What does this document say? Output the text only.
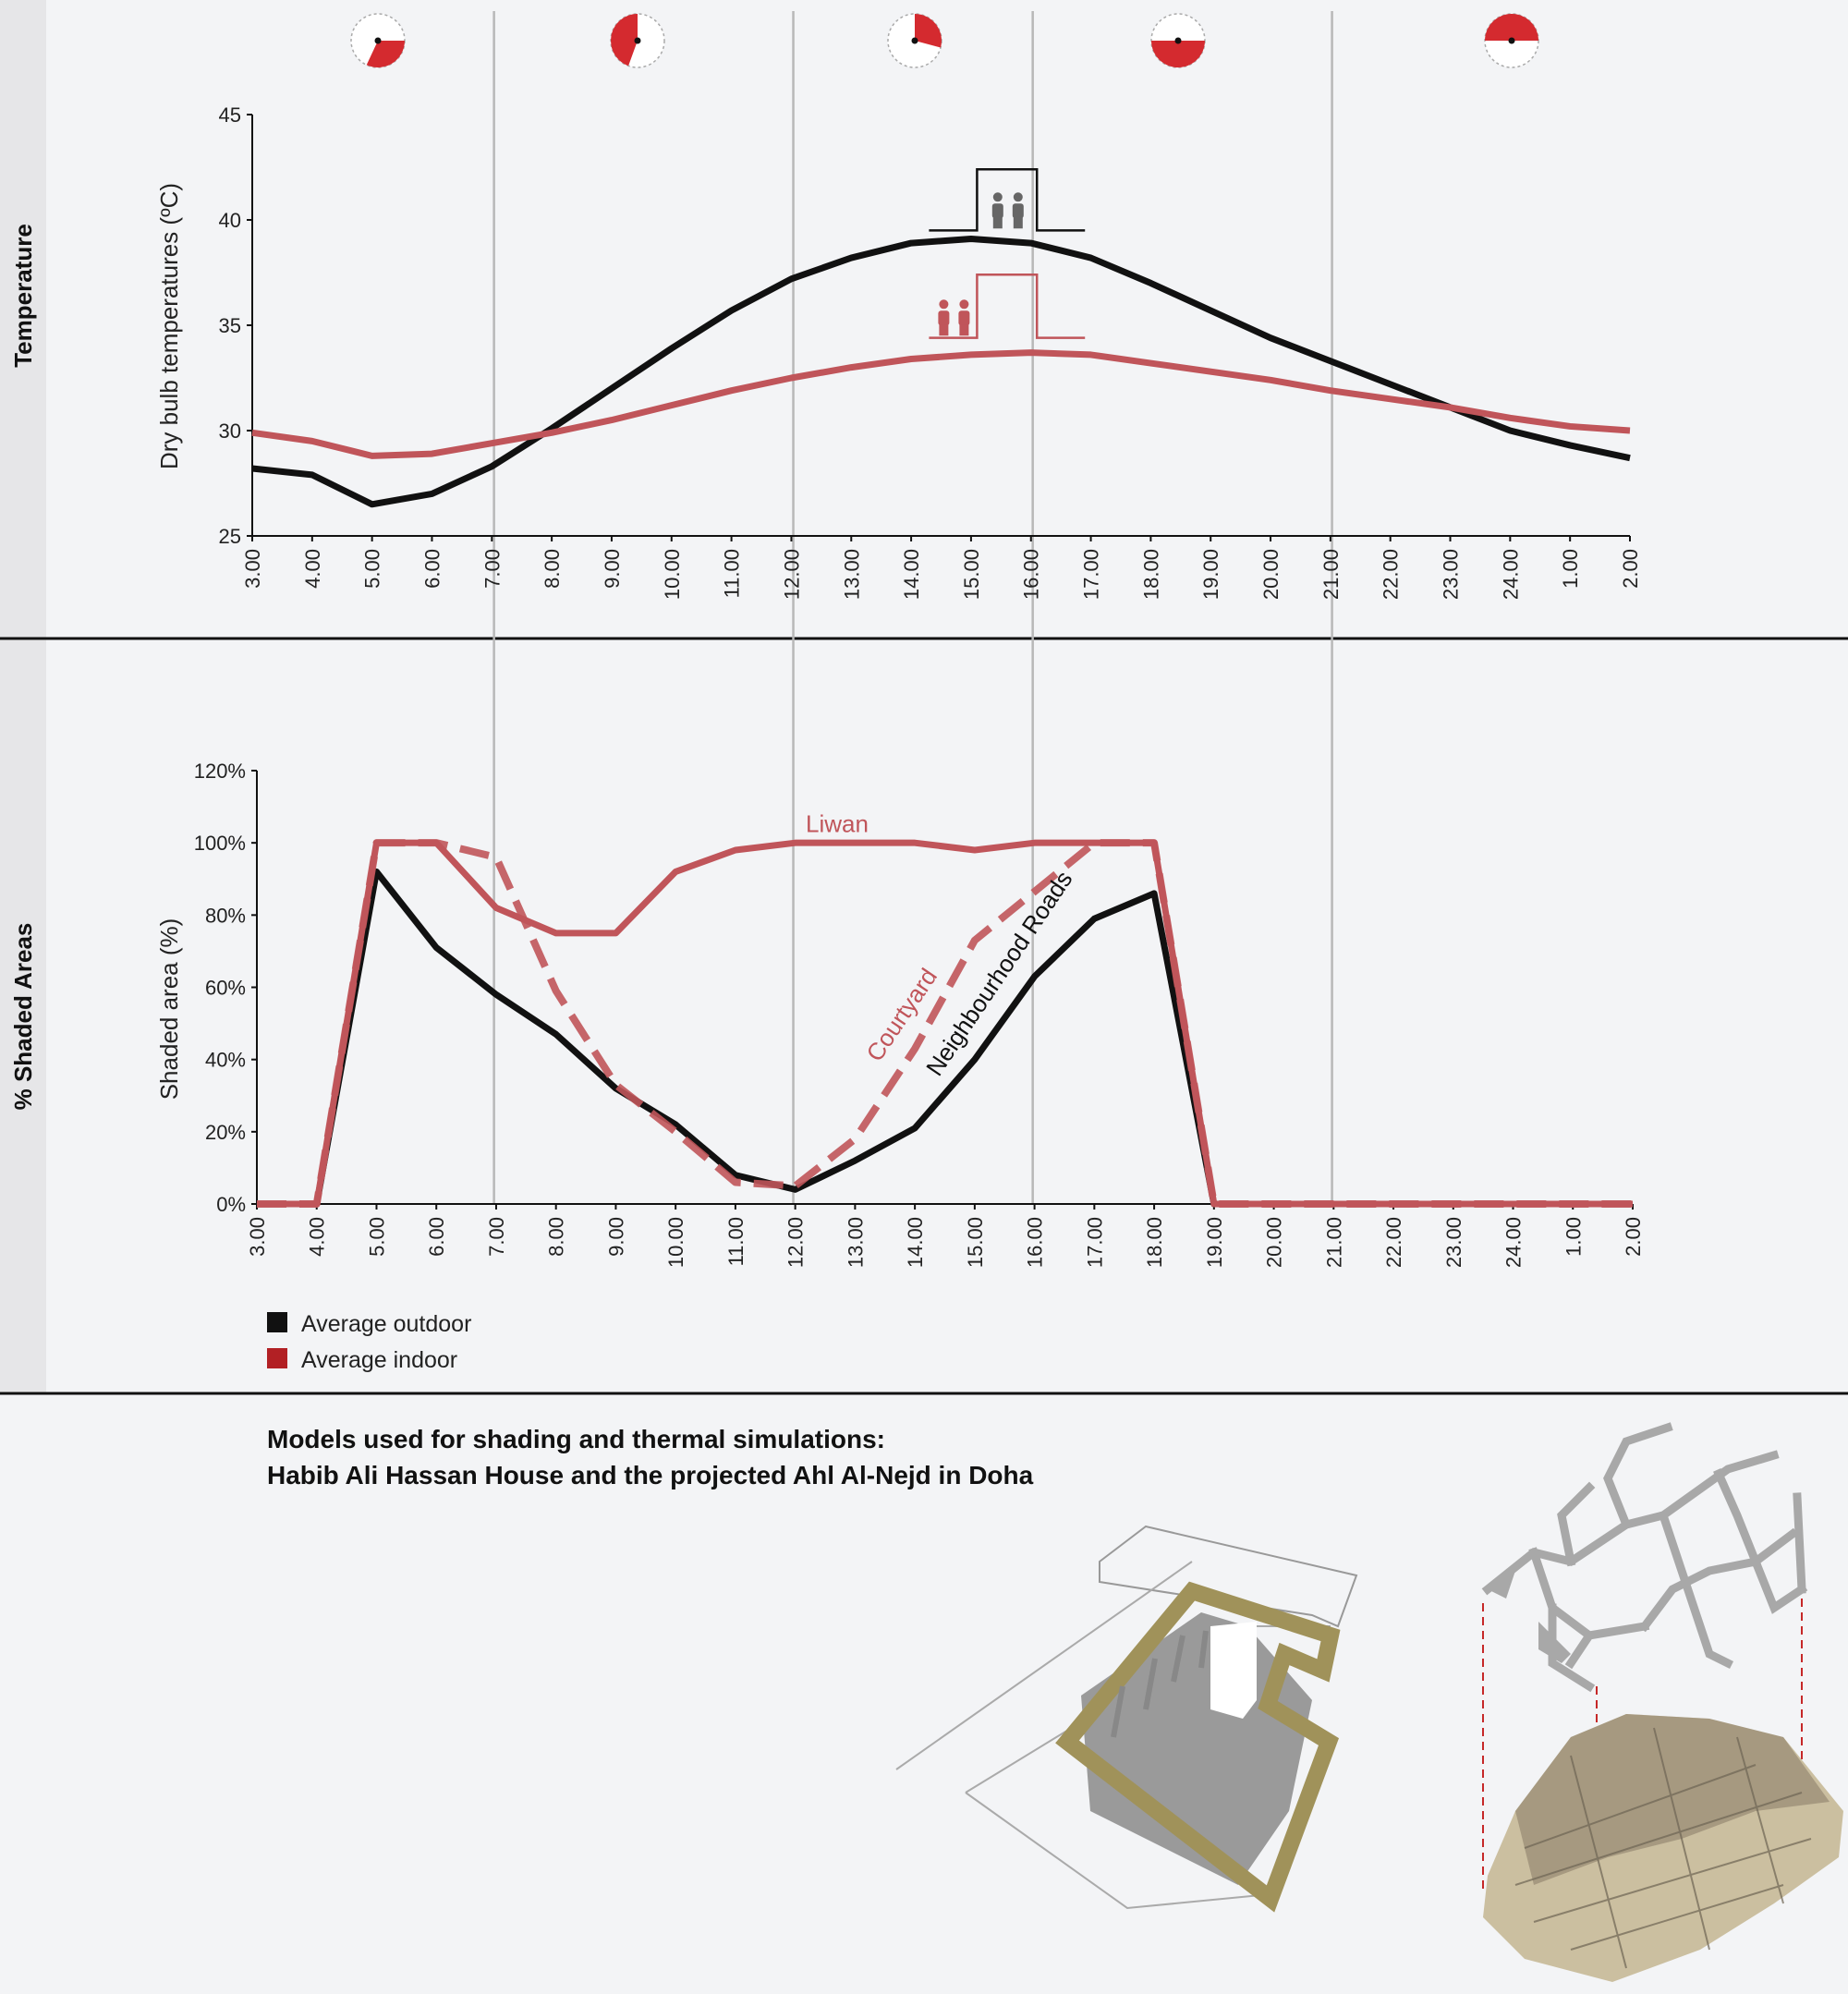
Temperature
% Shaded Areas
Dry bulb temperatures (ºC)
25
30
35
40
45
3.00 4.00 5.00 6.00 7.00 8.00 9.00 10.00 11.00 12.00 13.00 14.00 15.00 16.00 17.00 18.00 19.00 20.00 21.00 22.00 23.00 24.00 1.00 2.00
Shaded area (%)
0%
20%
40%
60%
80%
100%
120%
3.00 4.00 5.00 6.00 7.00 8.00 9.00 10.00 11.00 12.00 13.00 14.00 15.00 16.00 17.00 18.00 19.00 20.00 21.00 22.00 23.00 24.00 1.00 2.00
Liwan
Neighbourhood Roads
Courtyard
Average outdoor
Average indoor
Models used for shading and thermal simulations:
Habib Ali Hassan House and the projected Ahl Al-Nejd in Doha
